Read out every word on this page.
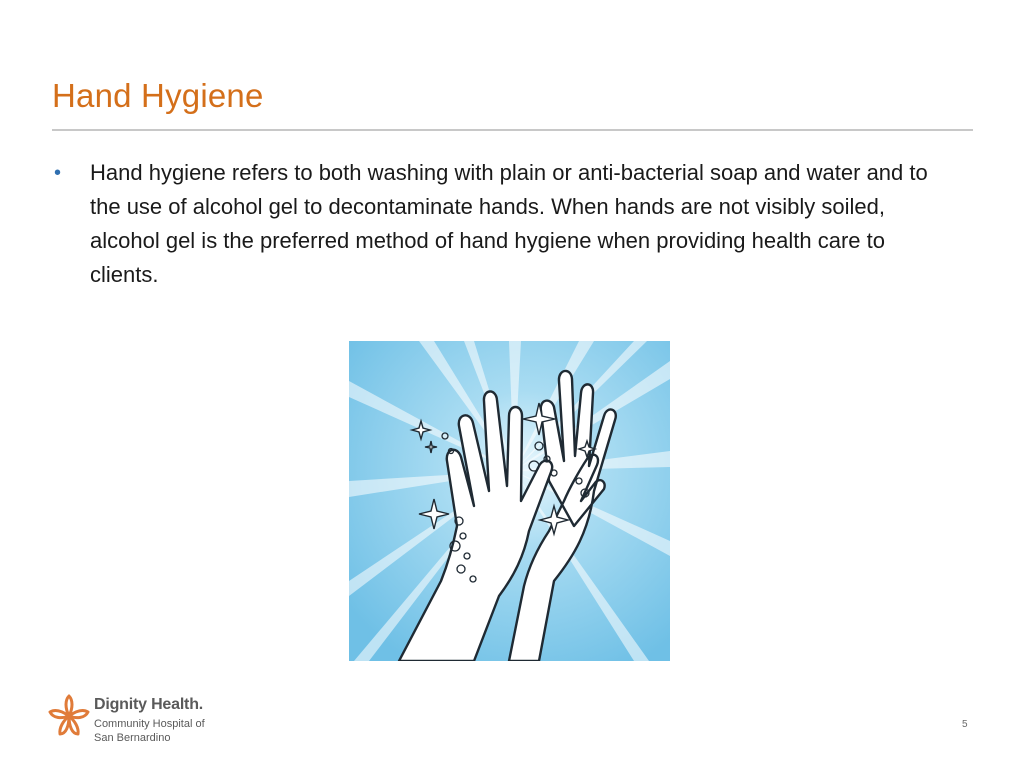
Hand Hygiene
• Hand hygiene refers to both washing with plain or anti-bacterial soap and water and to the use of alcohol gel to decontaminate hands. When hands are not visibly soiled, alcohol gel is the preferred method of hand hygiene when providing health care to clients.
Dignity Health.
Community Hospital of
San Bernardino
5
